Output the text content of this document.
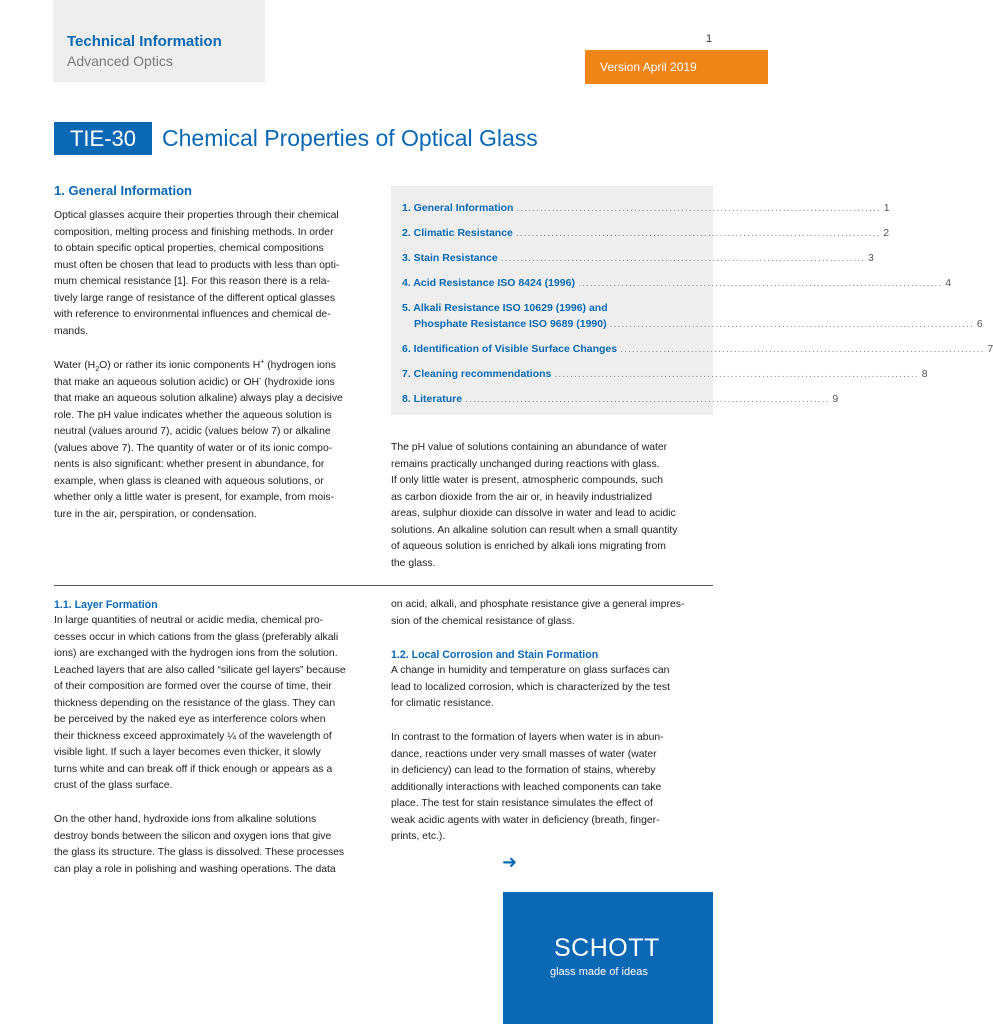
Technical Information
Advanced Optics
1
Version April 2019
TIE-30	Chemical Properties of Optical Glass
1. General Information
Optical glasses acquire their properties through their chemical
composition, melting process and finishing methods. In order
to obtain specific optical properties, chemical compositions
must often be chosen that lead to products with less than opti-
mum chemical resistance [1]. For this reason there is a rela-
tively large range of resistance of the different optical glasses
with reference to environmental influences and chemical de-
mands.
Water $(H_2O)$ or rather its ionic components H+ (hydrogen ions
that make an aqueous solution acidic) or OH- (hydroxide ions
that make an aqueous solution alkaline) always play a decisive
role. The pH value indicates whether the aqueous solution is
neutral (values around 7), acidic (values below 7) or alkaline
(values above 7). The quantity of water or of its ionic compo-
nents is also significant: whether present in abundance, for
example, when glass is cleaned with aqueous solutions, or
whether only a little water is present, for example, from mois-
ture in the air, perspiration, or condensation.
1. General Information ............................................................................................. 1
2. Climatic Resistance ............................................................................................. 2
3. Stain Resistance ............................................................................................. 3
4. Acid Resistance ISO 8424 (1996) ............................................................................................. 4
5. Alkali Resistance ISO 10629 (1996) and
Phosphate Resistance ISO 9689 (1990) ............................................................................................. 6
6. Identification of Visible Surface Changes ............................................................................................. 7
7. Cleaning recommendations ............................................................................................. 8
8. Literature ............................................................................................. 9
The pH value of solutions containing an abundance of water
remains practically unchanged during reactions with glass.
If only little water is present, atmospheric compounds, such
as carbon dioxide from the air or, in heavily industrialized
areas, sulphur dioxide can dissolve in water and lead to acidic
solutions. An alkaline solution can result when a small quantity
of aqueous solution is enriched by alkali ions migrating from
the glass.
1.1. Layer Formation
In large quantities of neutral or acidic media, chemical pro-
cesses occur in which cations from the glass (preferably alkali
ions) are exchanged with the hydrogen ions from the solution.
Leached layers that are also called “silicate gel layers” because
of their composition are formed over the course of time, their
thickness depending on the resistance of the glass. They can
be perceived by the naked eye as interference colors when
their thickness exceed approximately ¼ of the wavelength of
visible light. If such a layer becomes even thicker, it slowly
turns white and can break off if thick enough or appears as a
crust of the glass surface.
On the other hand, hydroxide ions from alkaline solutions
destroy bonds between the silicon and oxygen ions that give
the glass its structure. The glass is dissolved. These processes
can play a role in polishing and washing operations. The data
on acid, alkali, and phosphate resistance give a general impres-
sion of the chemical resistance of glass.
1.2. Local Corrosion and Stain Formation
A change in humidity and temperature on glass surfaces can
lead to localized corrosion, which is characterized by the test
for climatic resistance.
In contrast to the formation of layers when water is in abun-
dance, reactions under very small masses of water (water
in deficiency) can lead to the formation of stains, whereby
additionally interactions with leached components can take
place. The test for stain resistance simulates the effect of
weak acidic agents with water in deficiency (breath, finger-
prints, etc.).
➜
SCHOTT
glass made of ideas
